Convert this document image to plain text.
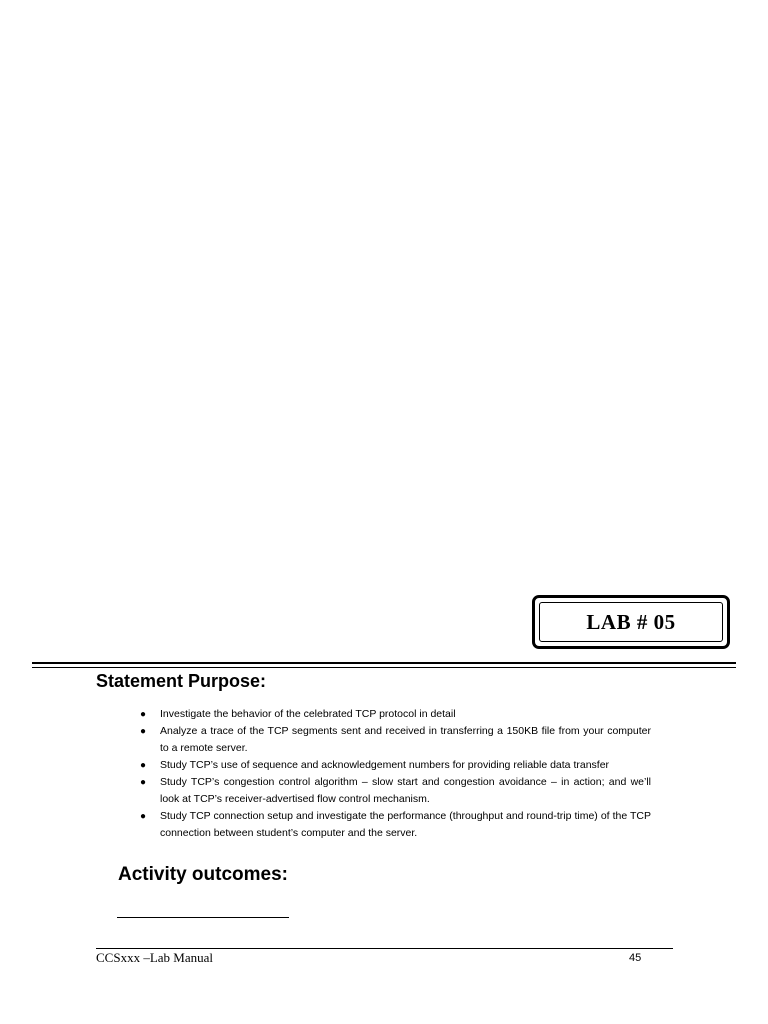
LAB # 05
Statement Purpose:
● Investigate the behavior of the celebrated TCP protocol in detail
● Analyze a trace of the TCP segments sent and received in transferring a 150KB file from your computer to a remote server.
● Study TCP’s use of sequence and acknowledgement numbers for providing reliable data transfer
● Study TCP’s congestion control algorithm – slow start and congestion avoidance – in action; and we’ll look at TCP’s receiver-advertised flow control mechanism.
● Study TCP connection setup and investigate the performance (throughput and round-trip time) of the TCP connection between student’s computer and the server.
Activity outcomes:
CCSxxx –Lab Manual	45
